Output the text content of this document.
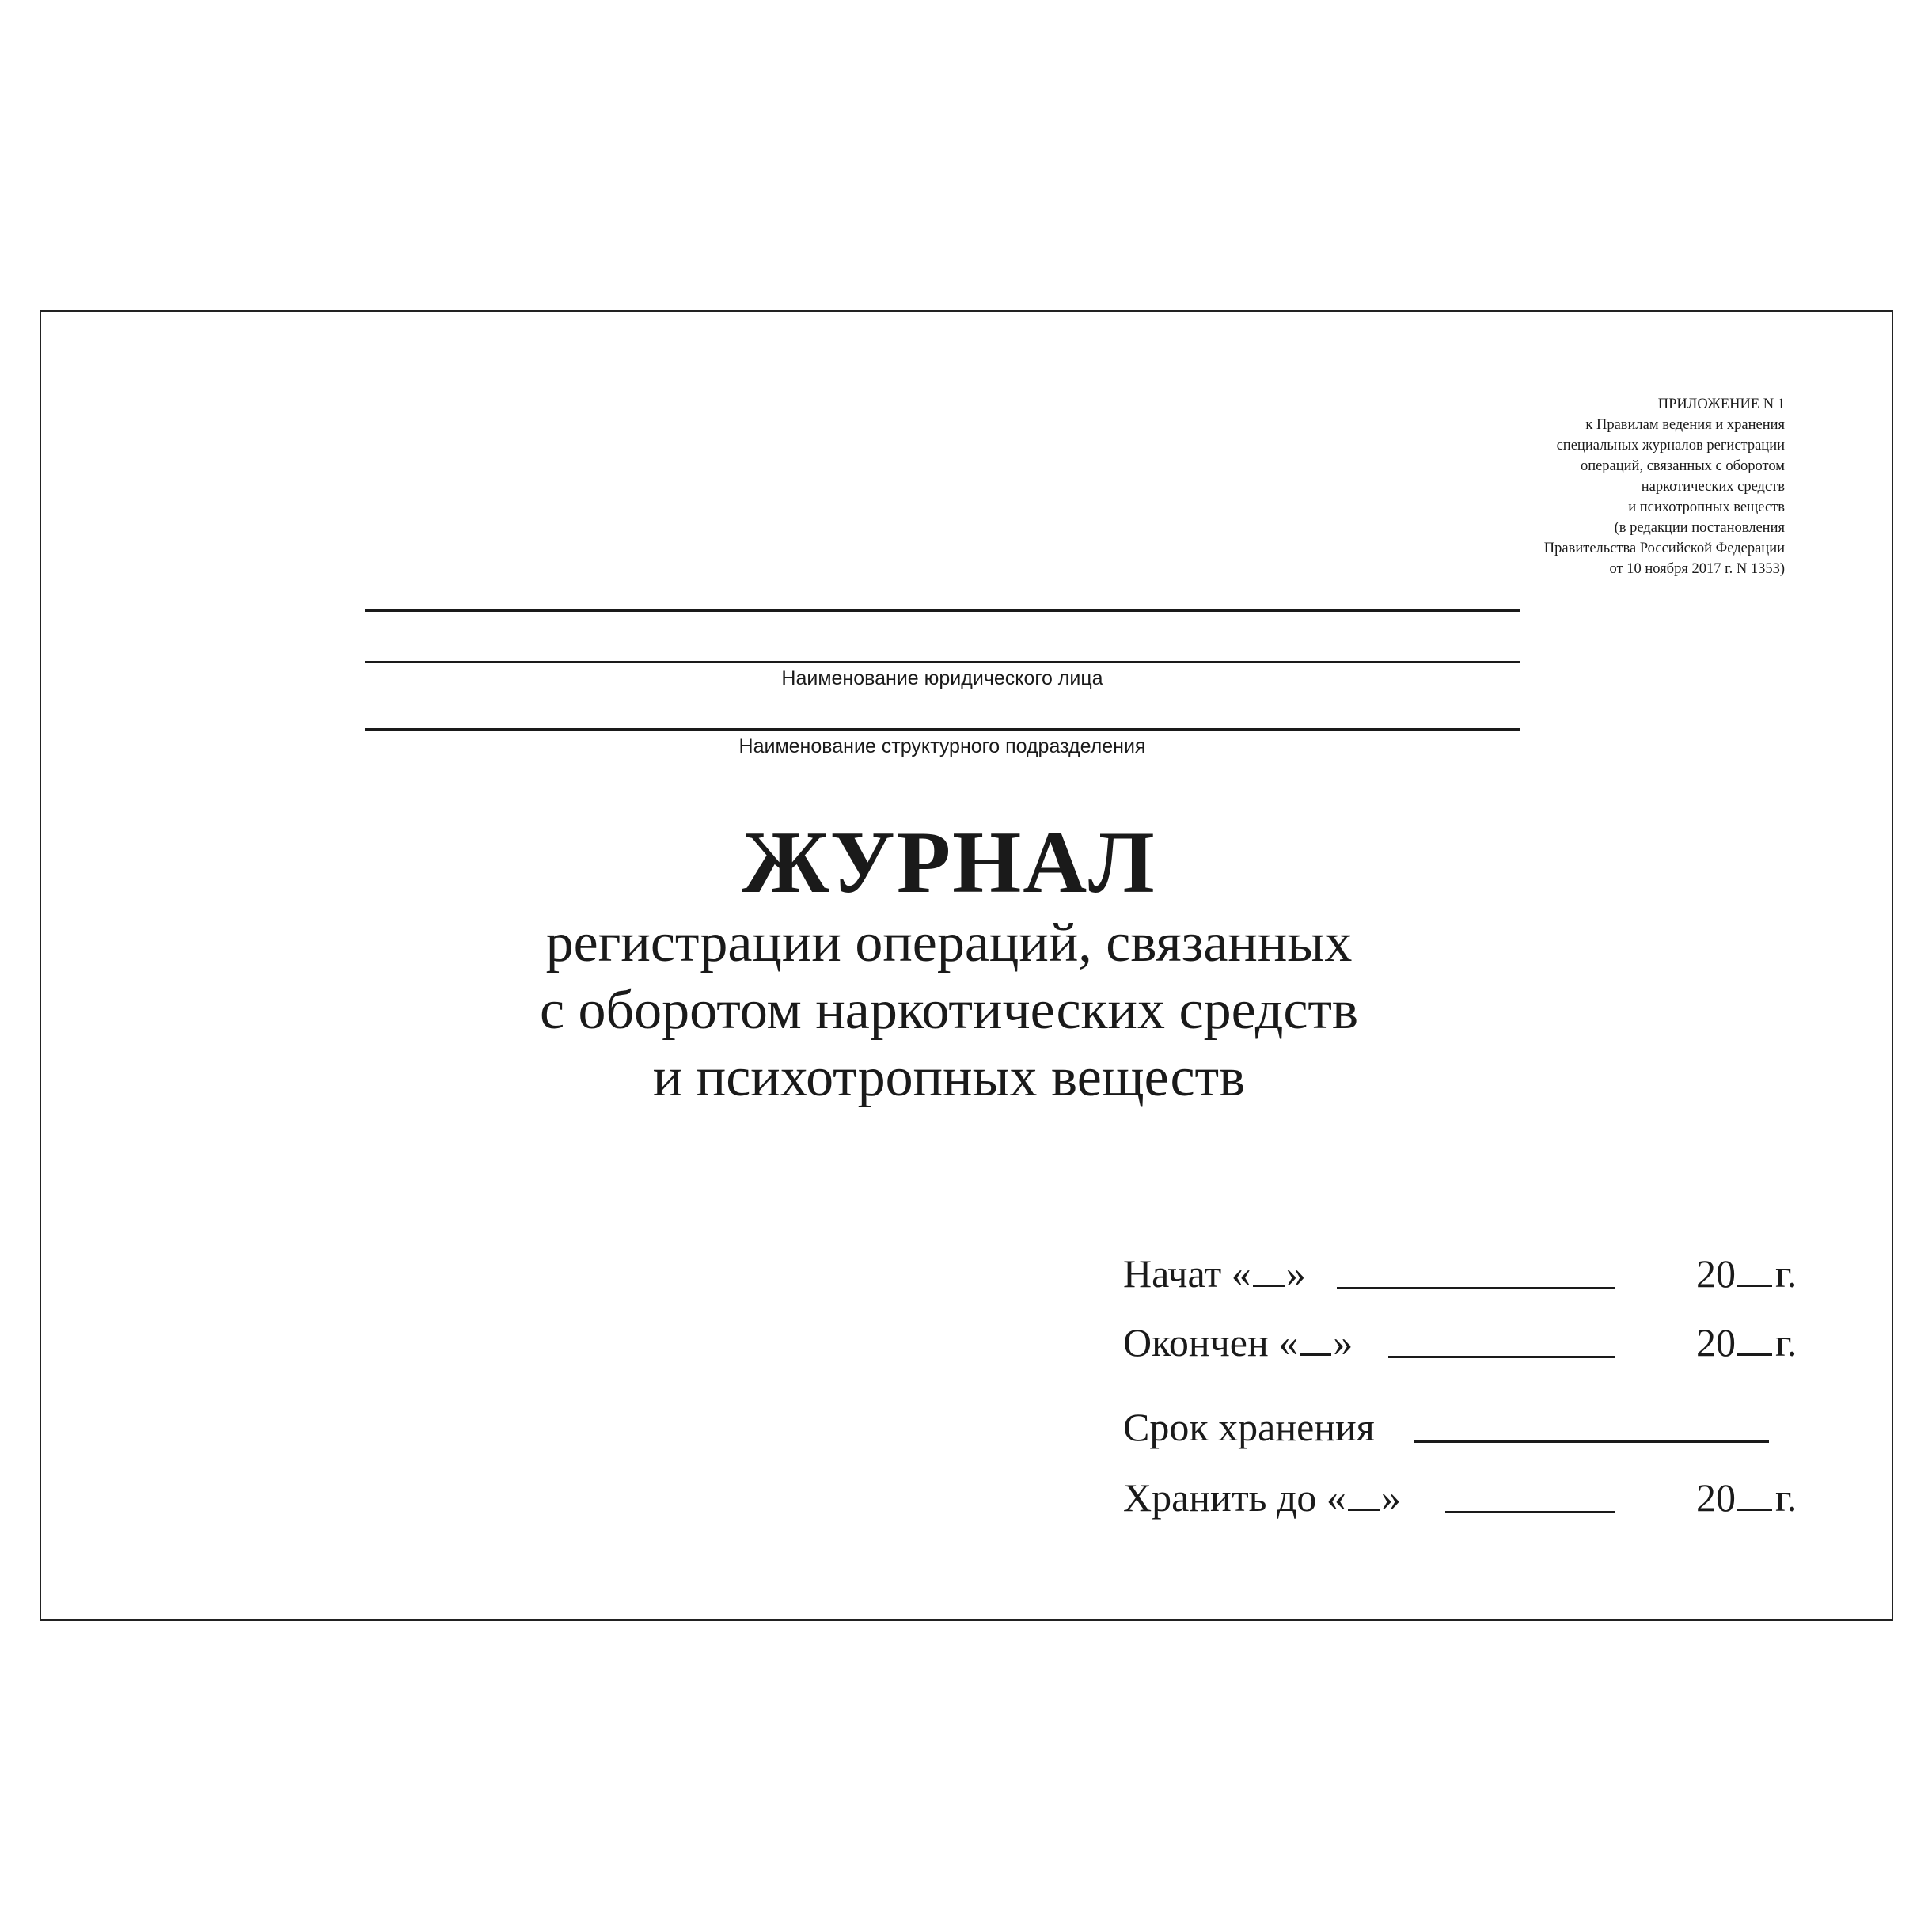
ПРИЛОЖЕНИЕ N 1
к Правилам ведения и хранения
специальных журналов регистрации
операций, связанных с оборотом
наркотических средств
и психотропных веществ
(в редакции постановления
Правительства Российской Федерации
от 10 ноября 2017 г. N 1353)
Наименование юридического лица
Наименование структурного подразделения
ЖУРНАЛ
регистрации операций, связанных
с оборотом наркотических средств
и психотропных веществ
Начат « »	20 г.
Окончен « »	20 г.
Срок хранения
Хранить до « »	20 г.
